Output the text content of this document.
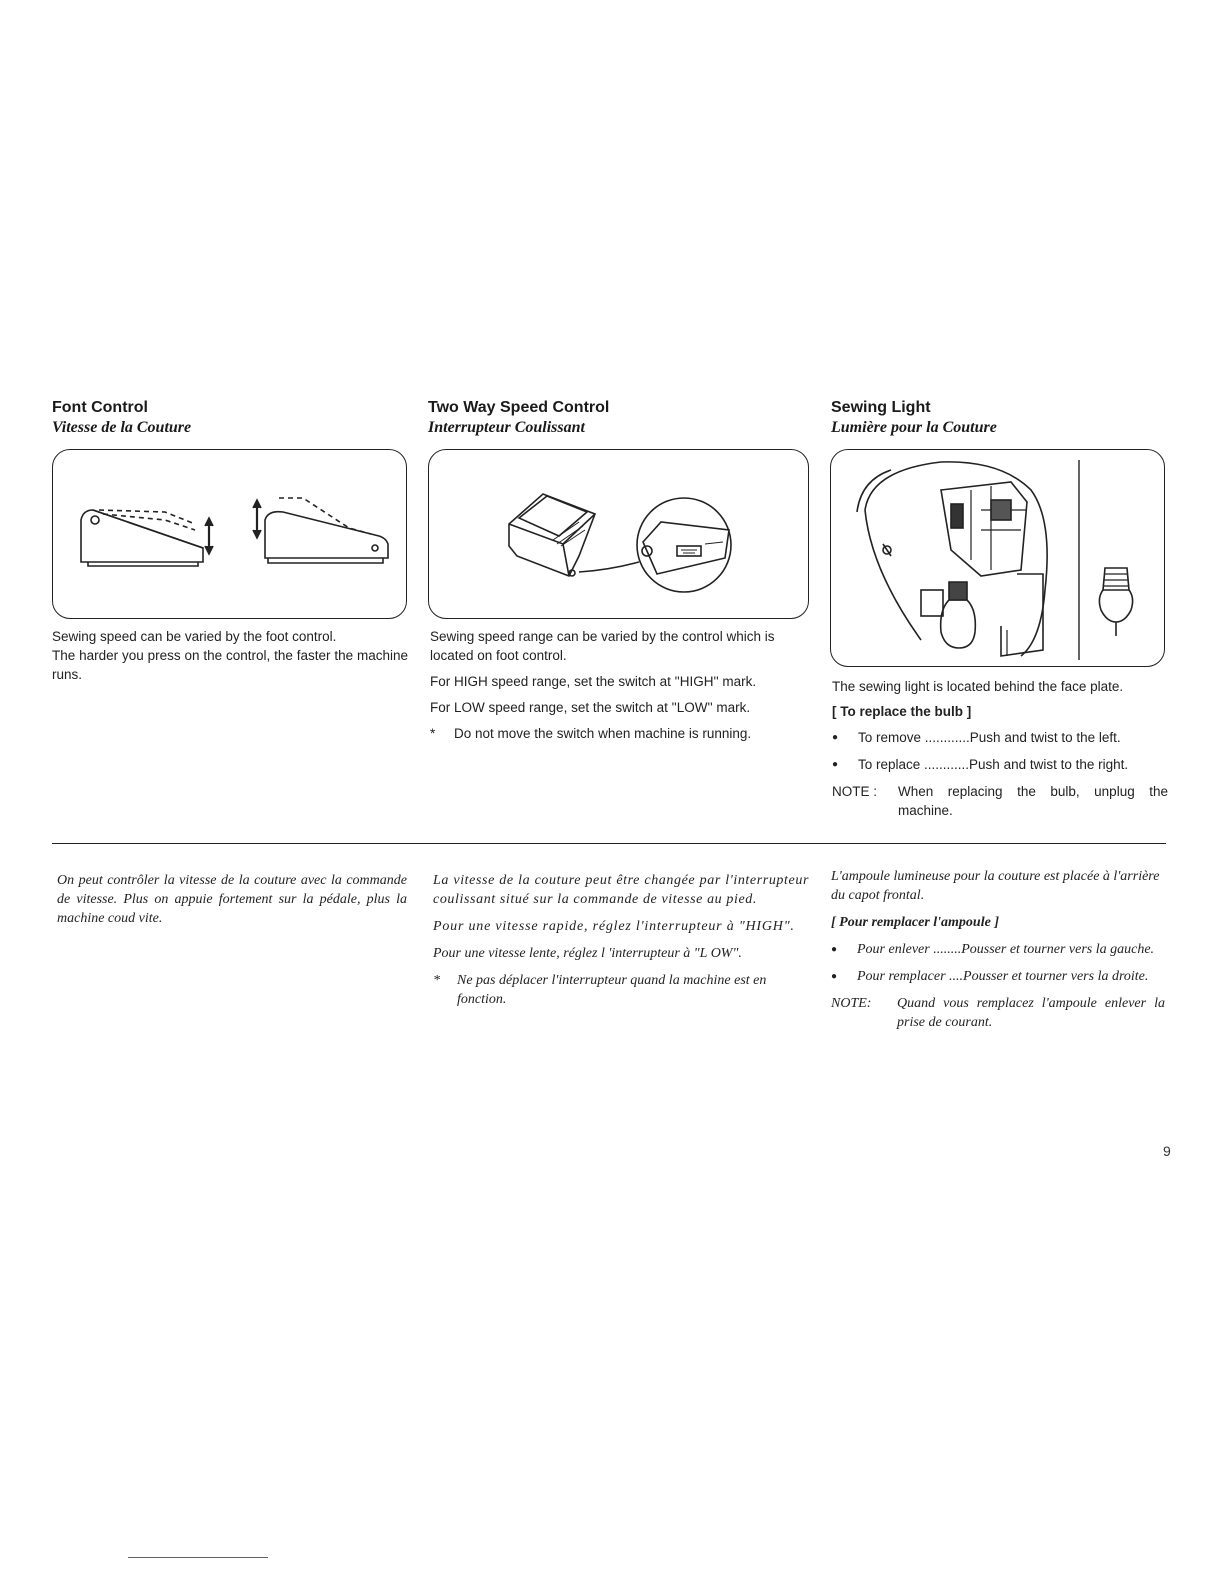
Font Control
Vitesse de la Couture
Sewing speed can be varied by the foot control.
The harder you press on the control, the faster the machine runs.
On peut contrôler la vitesse de la couture avec la commande de vitesse. Plus on appuie fortement sur la pédale, plus la machine coud vite.
Two Way Speed Control
Interrupteur Coulissant

Sewing speed range can be varied by the control which is located on foot control.

For HIGH speed range, set the switch at ''HIGH'' mark.

For LOW speed range, set the switch at ''LOW'' mark.

*	Do not move the switch when machine is running.

La vitesse de la couture peut être changée par l'interrupteur coulissant situé sur la commande de vitesse au pied.

Pour une vitesse rapide, réglez l'interrupteur à "HIGH".

Pour une vitesse lente, réglez l 'interrupteur à "L OW".

*	Ne pas déplacer l'interrupteur quand la machine est en fonction.
Sewing Light
Lumière pour la Couture

The sewing light is located behind the face plate.

[ To replace the bulb ]

●	To remove ............ Push and twist to the left.
●	To replace ............ Push and twist to the right.
NOTE :	When replacing the bulb, unplug the machine.

L'ampoule lumineuse pour la couture est placée à l'arrière du capot frontal.

[ Pour remplacer l'ampoule ]

●	Pour enlever ........ Pousser et tourner vers la gauche.
●	Pour remplacer .... Pousser et tourner vers la droite.
NOTE:	Quand vous remplacez l'ampoule enlever la prise de courant.
9
